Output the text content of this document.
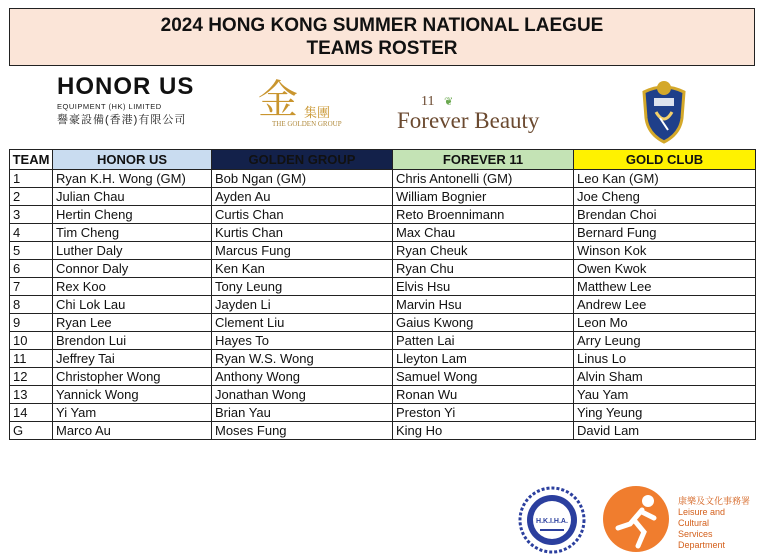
2024 HONG KONG SUMMER NATIONAL LAEGUE
TEAMS ROSTER
HONOR US
EQUIPMENT (HK) LIMITED
譽豪設備(香港)有限公司	金 集團
THE GOLDEN GROUP
11 ❦
Forever Beauty
TEAM	HONOR US	GOLDEN GROUP	FOREVER 11	GOLD CLUB
1	Ryan K.H. Wong (GM)	Bob Ngan (GM)	Chris Antonelli (GM)	Leo Kan (GM)
2	Julian Chau	Ayden Au	William Bognier	Joe Cheng
3	Hertin Cheng	Curtis Chan	Reto Broennimann	Brendan Choi
4	Tim Cheng	Kurtis Chan	Max Chau	Bernard Fung
5	Luther Daly	Marcus Fung	Ryan Cheuk	Winson Kok
6	Connor Daly	Ken Kan	Ryan Chu	Owen Kwok
7	Rex Koo	Tony Leung	Elvis Hsu	Matthew Lee
8	Chi Lok Lau	Jayden Li	Marvin Hsu	Andrew Lee
9	Ryan Lee	Clement Liu	Gaius Kwong	Leon Mo
10	Brendon Lui	Hayes To	Patten Lai	Arry Leung
11	Jeffrey Tai	Ryan W.S. Wong	Lleyton Lam	Linus Lo
12	Christopher Wong	Anthony Wong	Samuel Wong	Alvin Sham
13	Yannick Wong	Jonathan Wong	Ronan Wu	Yau Yam
14	Yi Yam	Brian Yau	Preston Yi	Ying Yeung
G	Marco Au	Moses Fung	King Ho	David Lam
H.K.I.H.A.
康樂及文化事務署
Leisure and Cultural
Services Department
